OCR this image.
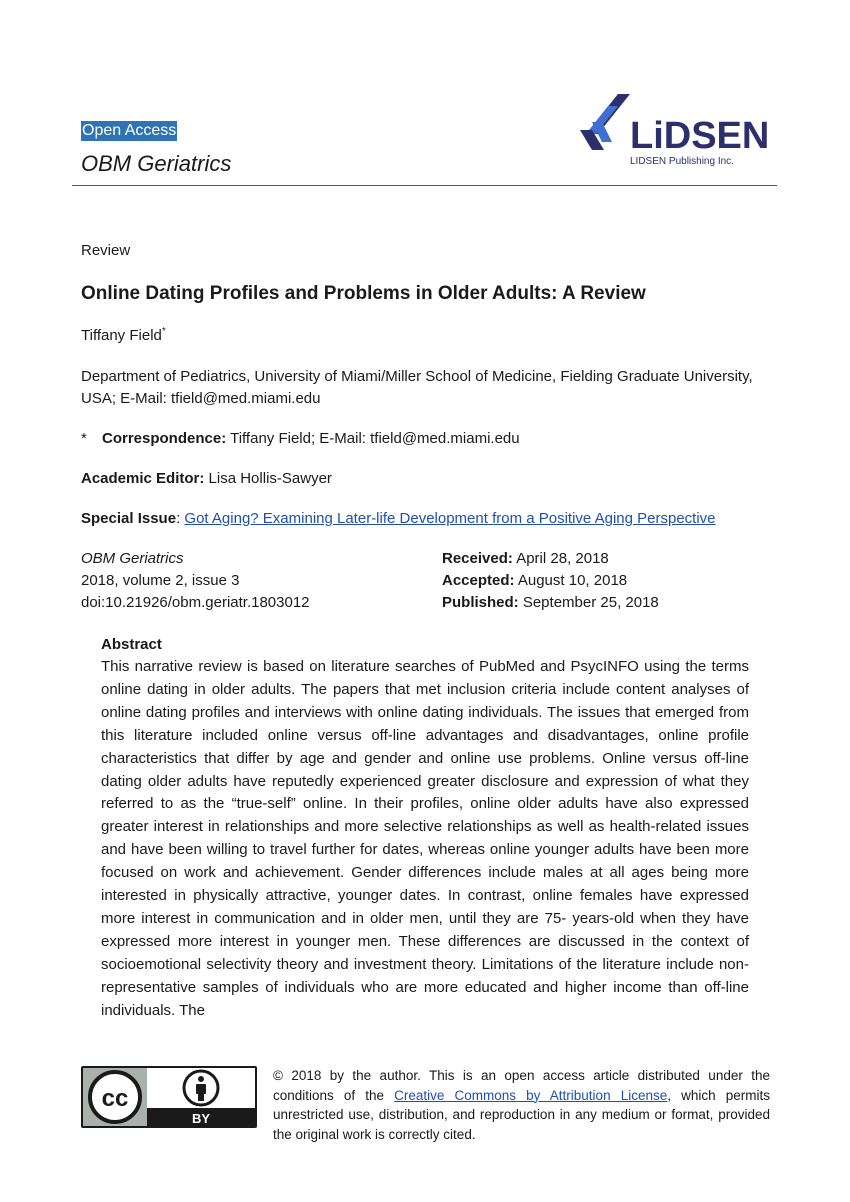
Open Access
OBM Geriatrics
LiDSEN
LIDSEN Publishing Inc.
Review
Online Dating Profiles and Problems in Older Adults: A Review
Tiffany Field*
Department of Pediatrics, University of Miami/Miller School of Medicine, Fielding Graduate University, USA; E-Mail: tfield@med.miami.edu
* Correspondence: Tiffany Field; E-Mail: tfield@med.miami.edu
Academic Editor: Lisa Hollis-Sawyer
Special Issue: Got Aging? Examining Later-life Development from a Positive Aging Perspective
OBM Geriatrics
2018, volume 2, issue 3
doi:10.21926/obm.geriatr.1803012
Received: April 28, 2018
Accepted: August 10, 2018
Published: September 25, 2018
Abstract

This narrative review is based on literature searches of PubMed and PsycINFO using the terms online dating in older adults. The papers that met inclusion criteria include content analyses of online dating profiles and interviews with online dating individuals. The issues that emerged from this literature included online versus off-line advantages and disadvantages, online profile characteristics that differ by age and gender and online use problems. Online versus off-line dating older adults have reputedly experienced greater disclosure and expression of what they referred to as the “true-self” online. In their profiles, online older adults have also expressed greater interest in relationships and more selective relationships as well as health-related issues and have been willing to travel further for dates, whereas online younger adults have been more focused on work and achievement. Gender differences include males at all ages being more interested in physically attractive, younger dates. In contrast, online females have expressed more interest in communication and in older men, until they are 75- years-old when they have expressed more interest in younger men. These differences are discussed in the context of socioemotional selectivity theory and investment theory. Limitations of the literature include non-representative samples of individuals who are more educated and higher income than off-line individuals. The

cc
BY

© 2018 by the author. This is an open access article distributed under the conditions of the Creative Commons by Attribution License, which permits unrestricted use, distribution, and reproduction in any medium or format, provided the original work is correctly cited.
